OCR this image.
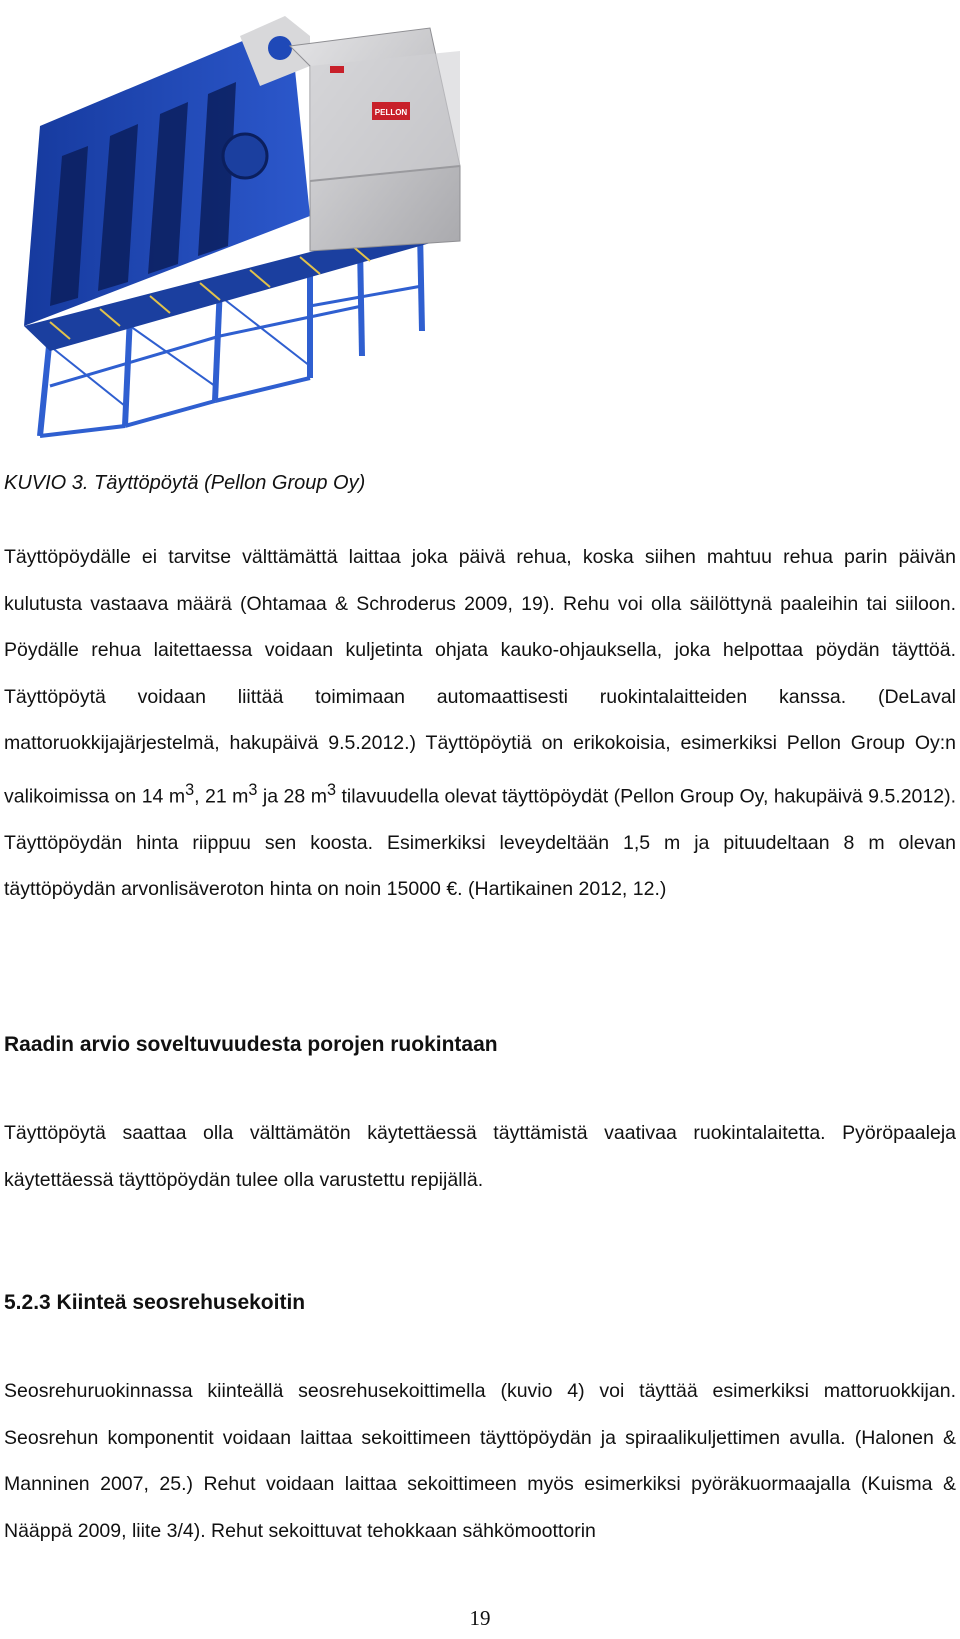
PELLON

KUVIO 3. Täyttöpöytä (Pellon Group Oy)

Täyttöpöydälle ei tarvitse välttämättä laittaa joka päivä rehua, koska siihen mahtuu rehua parin päivän kulutusta vastaava määrä (Ohtamaa & Schroderus 2009, 19). Rehu voi olla säilöttynä paaleihin tai siiloon. Pöydälle rehua laitettaessa voidaan kuljetinta ohjata kauko-ohjauksella, joka helpottaa pöydän täyttöä. Täyttöpöytä voidaan liittää toimimaan automaattisesti ruokintalaitteiden kanssa. (DeLaval mattoruokkijajärjestelmä, hakupäivä 9.5.2012.) Täyttöpöytiä on erikokoisia, esimerkiksi Pellon Group Oy:n valikoimissa on 14 $m^3$, 21 $m^3$ ja 28 $m^3$ tilavuudella olevat täyttöpöydät (Pellon Group Oy, hakupäivä 9.5.2012). Täyttöpöydän hinta riippuu sen koosta. Esimerkiksi leveydeltään 1,5 m ja pituudeltaan 8 m olevan täyttöpöydän arvonlisäveroton hinta on noin 15000 €. (Hartikainen 2012, 12.)

Raadin arvio soveltuvuudesta porojen ruokintaan

Täyttöpöytä saattaa olla välttämätön käytettäessä täyttämistä vaativaa ruokintalaitetta. Pyöröpaaleja käytettäessä täyttöpöydän tulee olla varustettu repijällä.

5.2.3 Kiinteä seosrehusekoitin

Seosrehuruokinnassa kiinteällä seosrehusekoittimella (kuvio 4) voi täyttää esimerkiksi mattoruokkijan. Seosrehun komponentit voidaan laittaa sekoittimeen täyttöpöydän ja spiraalikuljettimen avulla. (Halonen & Manninen 2007, 25.) Rehut voidaan laittaa sekoittimeen myös esimerkiksi pyöräkuormaajalla (Kuisma & Nääppä 2009, liite 3/4). Rehut sekoittuvat tehokkaan sähkömoottorin

19
